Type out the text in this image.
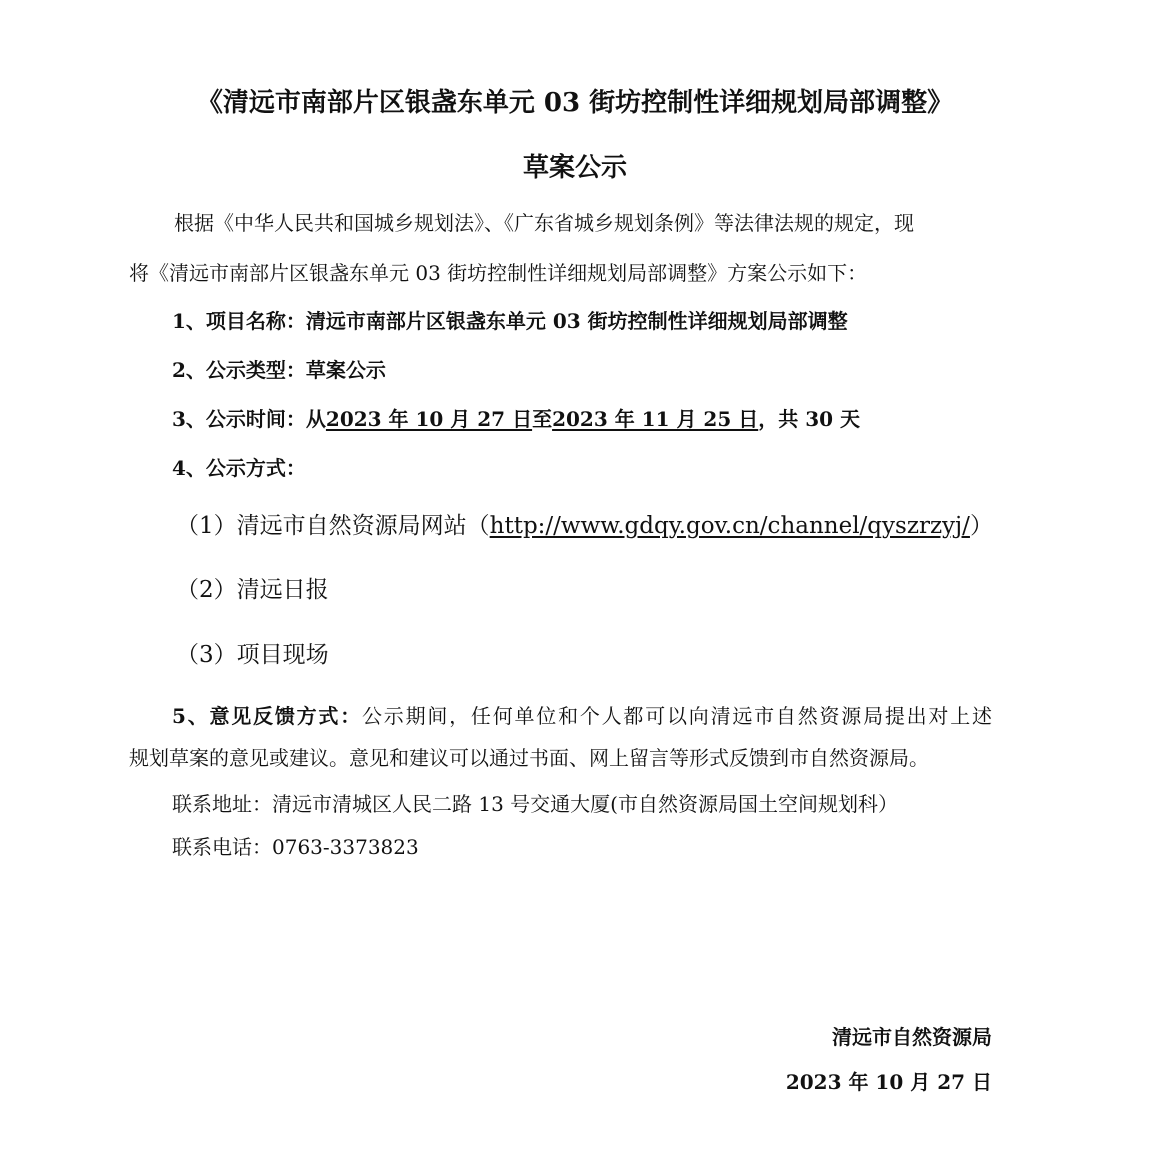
《清远市南部片区银盏东单元 03 街坊控制性详细规划局部调整》
草案公示
根据《中华人民共和国城乡规划法》、《广东省城乡规划条例》等法律法规的规定，现
将《清远市南部片区银盏东单元 03 街坊控制性详细规划局部调整》方案公示如下：
1、项目名称：清远市南部片区银盏东单元 03 街坊控制性详细规划局部调整
2、公示类型：草案公示
3、公示时间：从2023 年 10 月 27 日至2023 年 11 月 25 日，共 30 天
4、公示方式：
（1）清远市自然资源局网站（http://www.gdqy.gov.cn/channel/qyszrzyj/）
（2）清远日报
（3）项目现场
5、意见反馈方式：公示期间，任何单位和个人都可以向清远市自然资源局提出对上述
规划草案的意见或建议。意见和建议可以通过书面、网上留言等形式反馈到市自然资源局。
联系地址：清远市清城区人民二路 13 号交通大厦(市自然资源局国土空间规划科）
联系电话：0763-3373823
清远市自然资源局
2023 年 10 月 27 日
